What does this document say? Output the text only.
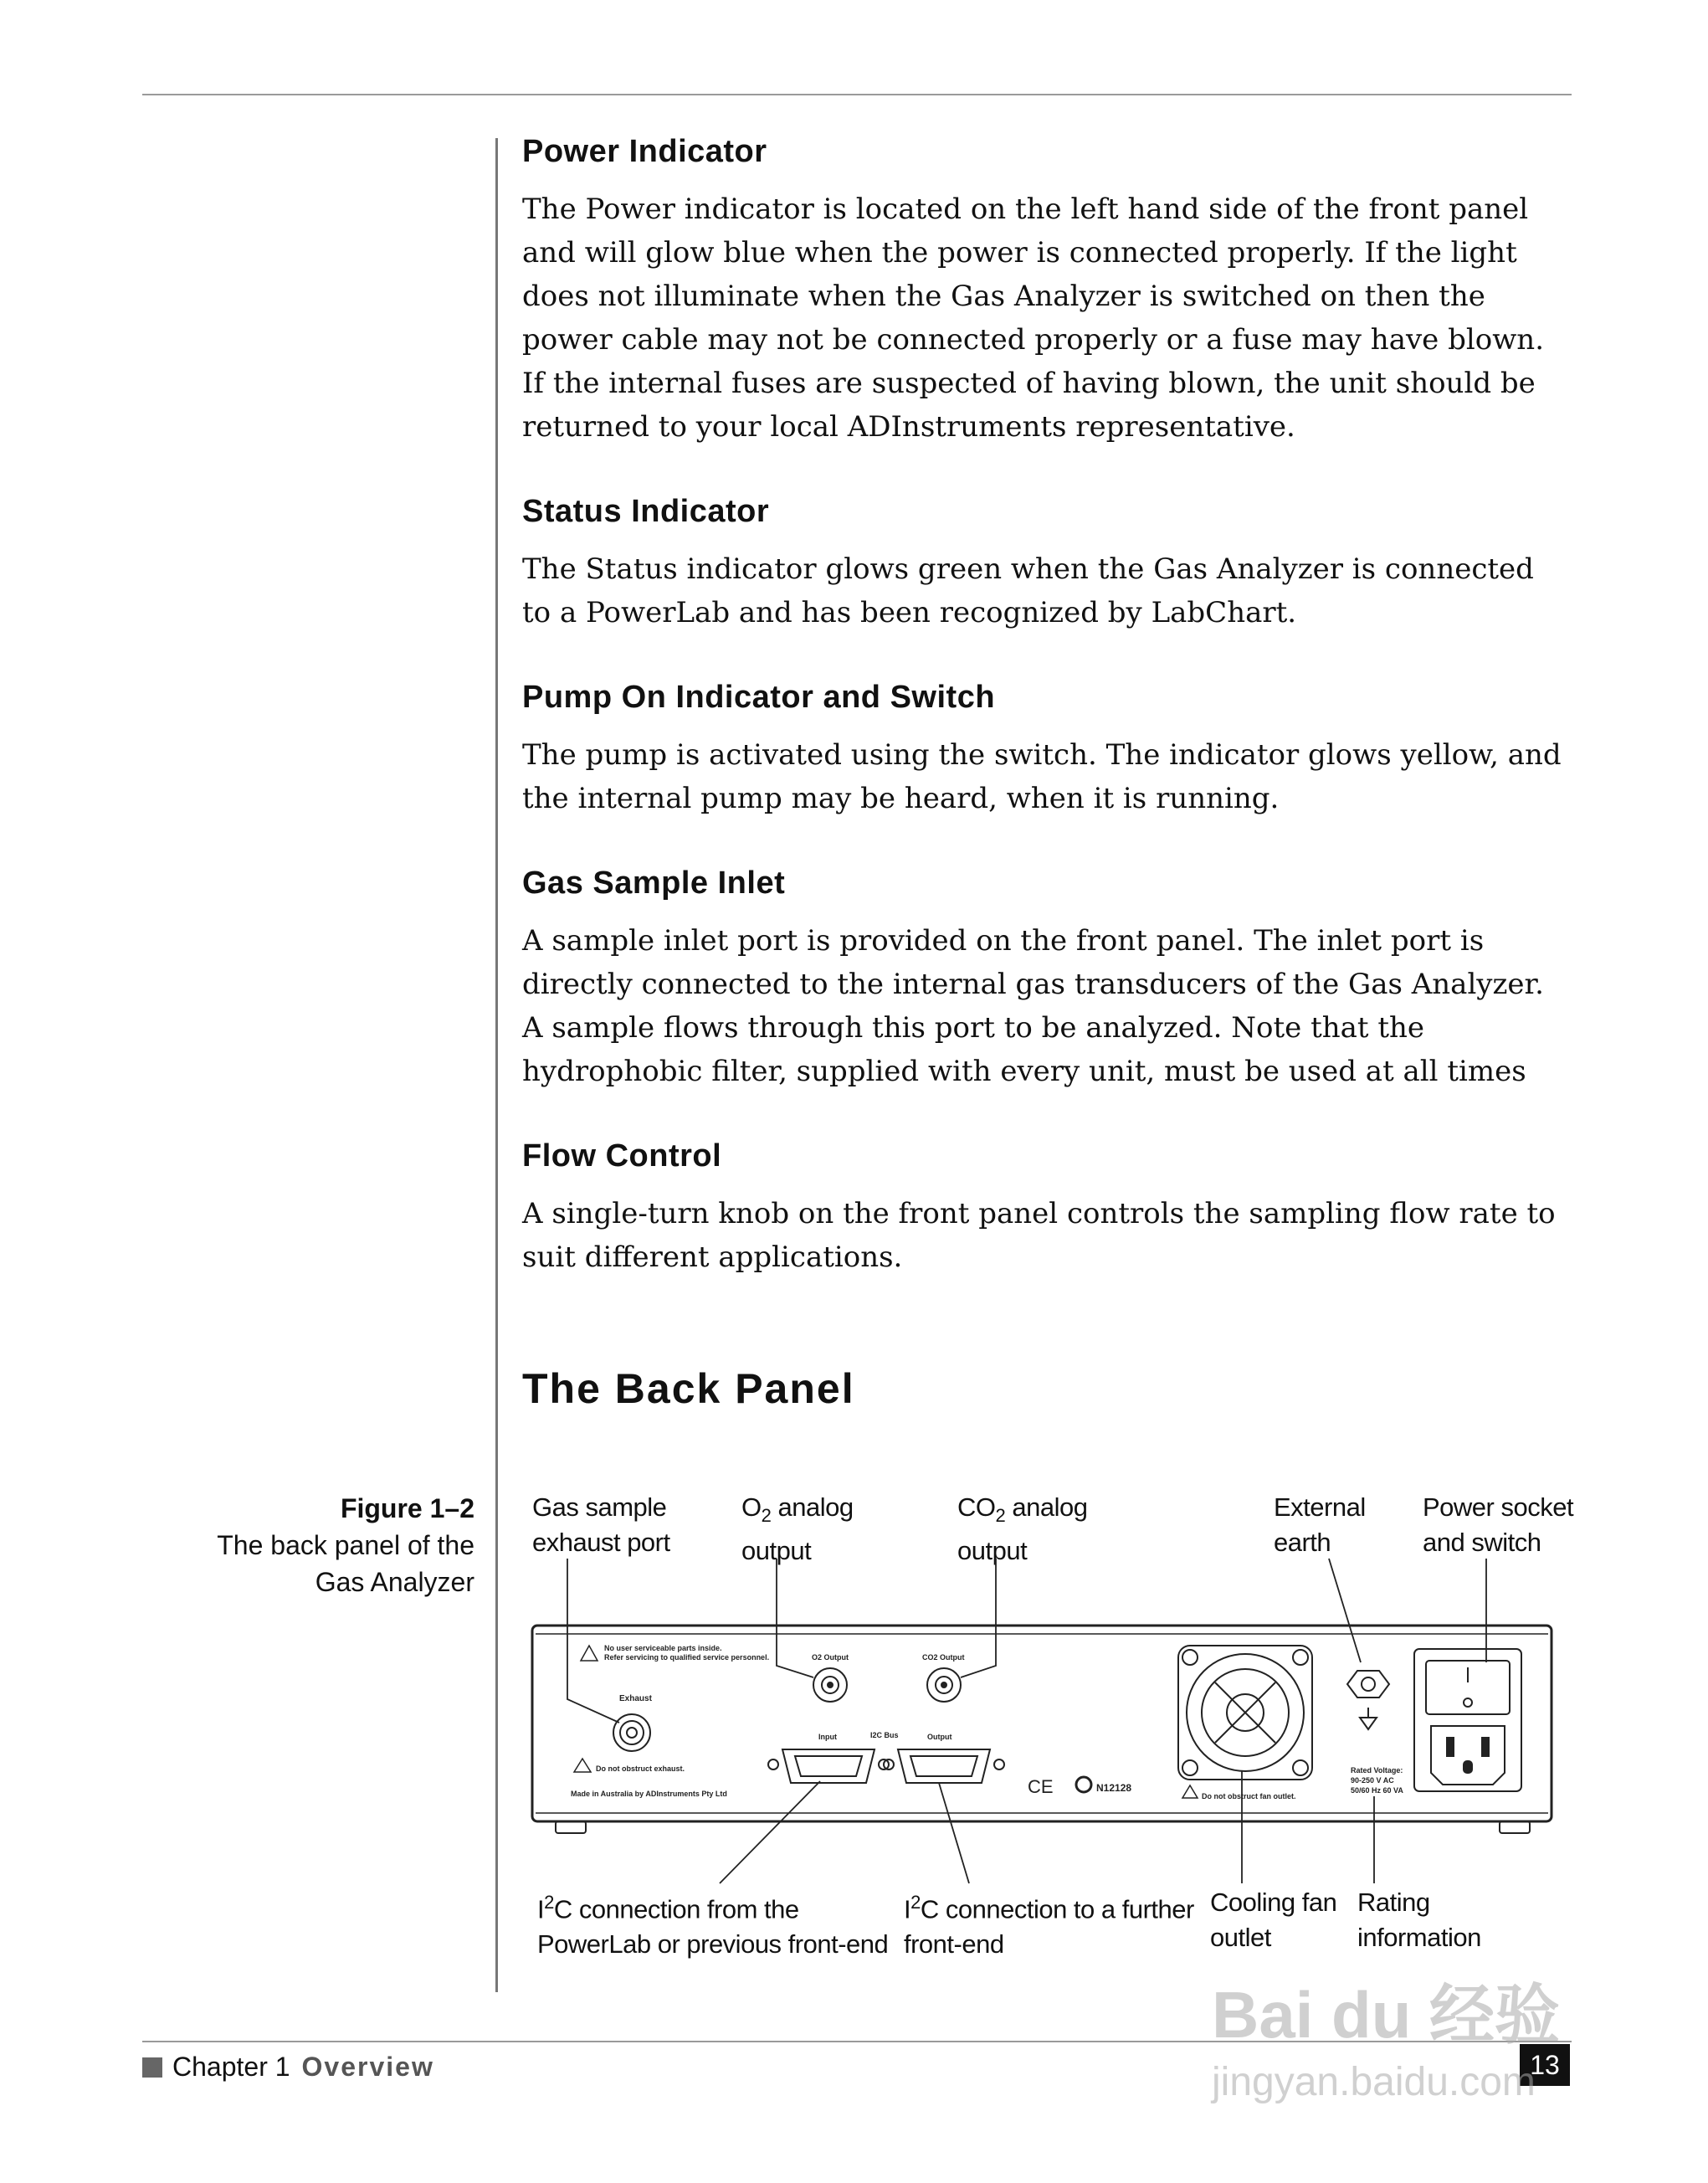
Power Indicator
The Power indicator is located on the left hand side of the front panel and will glow blue when the power is connected properly. If the light does not illuminate when the Gas Analyzer is switched on then the power cable may not be connected properly or a fuse may have blown. If the internal fuses are suspected of having blown, the unit should be returned to your local ADInstruments representative.
Status Indicator
The Status indicator glows green when the Gas Analyzer is connected to a PowerLab and has been recognized by LabChart.
Pump On Indicator and Switch
The pump is activated using the switch. The indicator glows yellow, and the internal pump may be heard, when it is running.
Gas Sample Inlet
A sample inlet port is provided on the front panel. The inlet port is directly connected to the internal gas transducers of the Gas Analyzer. A sample flows through this port to be analyzed. Note that the hydrophobic filter, supplied with every unit, must be used at all times
Flow Control
A single-turn knob on the front panel controls the sampling flow rate to suit different applications.
The Back Panel
Figure 1–2
The back panel of the
Gas Analyzer
Gas sample
exhaust port
$O_2$ analog
output
$CO_2$ analog
output
External
earth
Power socket
and switch
$I^2C$ connection from the
PowerLab or previous front-end
$I^2C$ connection to a further
front-end
Cooling fan
outlet
Rating
information
No user serviceable parts inside.
Refer servicing to qualified service personnel.
Exhaust
Do not obstruct exhaust.
Made in Australia by ADInstruments Pty Ltd
O2 Output	CO2 Output
Input	I2C Bus	Output
CE	N12128
Do not obstruct fan outlet.
Rated Voltage:
90-250 V AC
50/60 Hz 60 VA
Chapter 1 Overview	13
Bai du 经验
jingyan.baidu.com
